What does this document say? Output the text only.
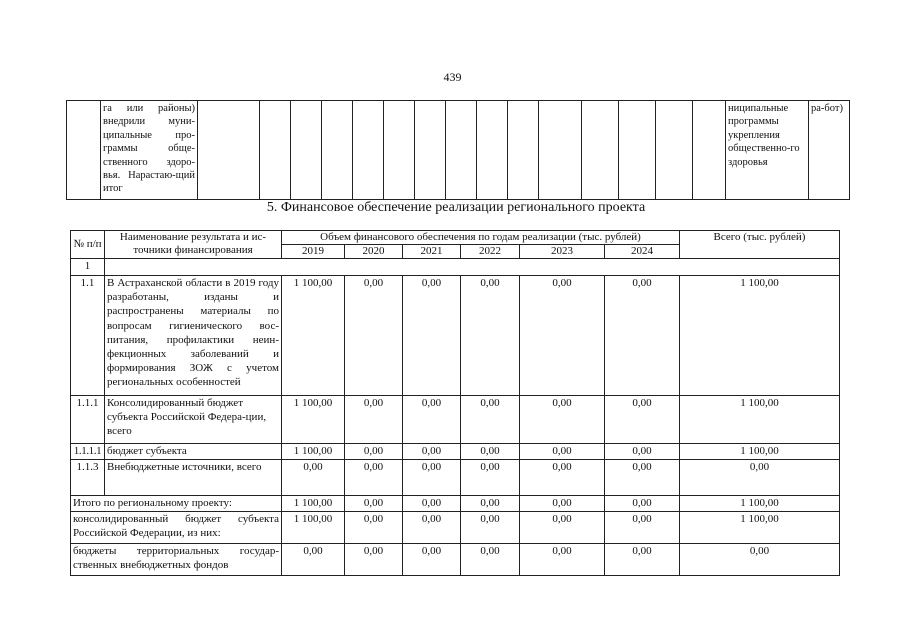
439
	га или районы) внедрили муни-ципальные про-граммы обще-ственного здоро-вья. Нарастаю-щий итог																ниципальные программы укрепления общественно-го здоровья	ра-бот)
5. Финансовое обеспечение реализации регионального проекта
№ п/п	Наименование результата и ис-точники финансирования	Объем финансового обеспечения по годам реализации (тыс. рублей)						Всего (тыс. рублей)
		2019	2020	2021	2022	2023	2024	
1								
1.1	В Астраханской области в 2019 году разработаны, изданы и распространены материалы по вопросам гигиенического вос-питания, профилактики неин-фекционных заболеваний и формирования ЗОЖ с учетом региональных особенностей	1 100,00	0,00	0,00	0,00	0,00	0,00	1 100,00
1.1.1	Консолидированный бюджет субъекта Российской Федера-ции, всего	1 100,00	0,00	0,00	0,00	0,00	0,00	1 100,00
1.1.1.1	бюджет субъекта	1 100,00	0,00	0,00	0,00	0,00	0,00	1 100,00
1.1.3	Внебюджетные источники, всего	0,00	0,00	0,00	0,00	0,00	0,00	0,00
Итого по региональному проекту:		1 100,00	0,00	0,00	0,00	0,00	0,00	1 100,00
консолидированный бюджет субъекта Российской Федерации, из них:		1 100,00	0,00	0,00	0,00	0,00	0,00	1 100,00
бюджеты территориальных государ-ственных внебюджетных фондов		0,00	0,00	0,00	0,00	0,00	0,00	0,00
